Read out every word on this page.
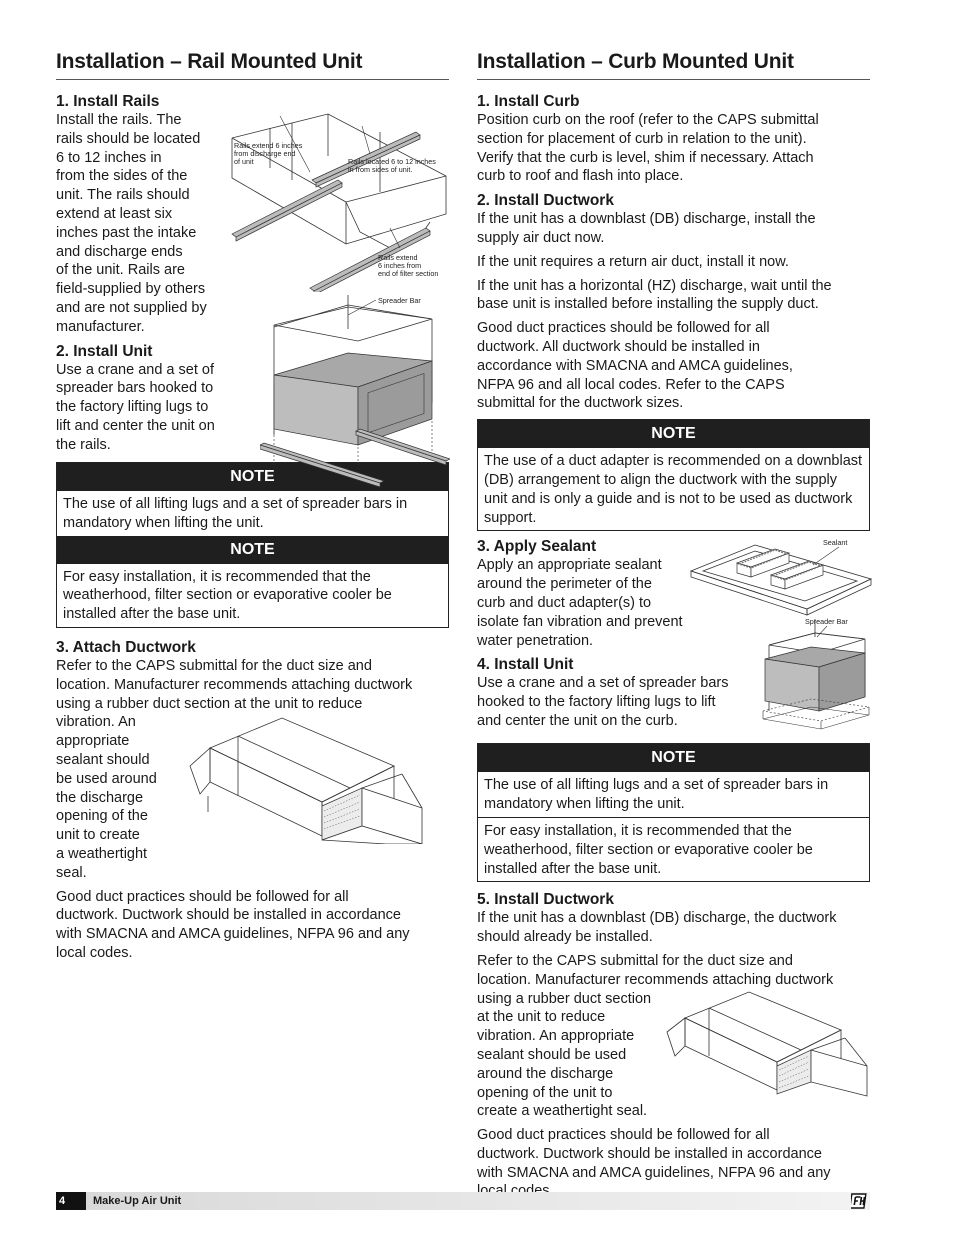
Installation – Rail Mounted Unit
1. Install Rails

Install the rails. The
rails should be located
6 to 12 inches in
from the sides of the
unit. The rails should
extend at least six
inches past the intake
and discharge ends
of the unit. Rails are
field-supplied by others
and are not supplied by
manufacturer.

2. Install Unit

Use a crane and a set of
spreader bars hooked to
the factory lifting lugs to
lift and center the unit on
the rails.

Rails extend 6 inches
from discharge end
of unit	Rails located 6 to 12 inches
in from sides of unit.
Rails extend
6 inches from
end of filter section
Spreader Bar
NOTE
The use of all lifting lugs and a set of spreader bars in mandatory when lifting the unit.
NOTE
For easy installation, it is recommended that the weatherhood, filter section or evaporative cooler be installed after the base unit.
3. Attach Ductwork

Refer to the CAPS submittal for the duct size and
location. Manufacturer recommends attaching ductwork
using a rubber duct section at the unit to reduce
vibration. An
appropriate
sealant should
be used around
the discharge
opening of the
unit to create
a weathertight
seal.

Good duct practices should be followed for all
ductwork. Ductwork should be installed in accordance
with SMACNA and AMCA guidelines, NFPA 96 and any
local codes.

Installation – Curb Mounted Unit
1. Install Curb

Position curb on the roof (refer to the CAPS submittal
section for placement of curb in relation to the unit).
Verify that the curb is level, shim if necessary. Attach
curb to roof and flash into place.

2. Install Ductwork

If the unit has a downblast (DB) discharge, install the
supply air duct now.

If the unit requires a return air duct, install it now.

If the unit has a horizontal (HZ) discharge, wait until the
base unit is installed before installing the supply duct.

Good duct practices should be followed for all
ductwork. All ductwork should be installed in
accordance with SMACNA and AMCA guidelines,
NFPA 96 and all local codes. Refer to the CAPS
submittal for the ductwork sizes.

NOTE
The use of a duct adapter is recommended on a downblast (DB) arrangement to align the ductwork with the supply unit and is only a guide and is not to be used as ductwork support.
3. Apply Sealant

Apply an appropriate sealant
around the perimeter of the
curb and duct adapter(s) to
isolate fan vibration and prevent
water penetration.

4. Install Unit

Use a crane and a set of spreader bars
hooked to the factory lifting lugs to lift
and center the unit on the curb.

Sealant
Spreader Bar
NOTE
The use of all lifting lugs and a set of spreader bars in mandatory when lifting the unit.
For easy installation, it is recommended that the weatherhood, filter section or evaporative cooler be installed after the base unit.
5. Install Ductwork

If the unit has a downblast (DB) discharge, the ductwork
should already be installed.

Refer to the CAPS submittal for the duct size and
location. Manufacturer recommends attaching ductwork
using a rubber duct section
at the unit to reduce
vibration. An appropriate
sealant should be used
around the discharge
opening of the unit to
create a weathertight seal.

Good duct practices should be followed for all
ductwork. Ductwork should be installed in accordance
with SMACNA and AMCA guidelines, NFPA 96 and any

4	Make-Up Air Unit
